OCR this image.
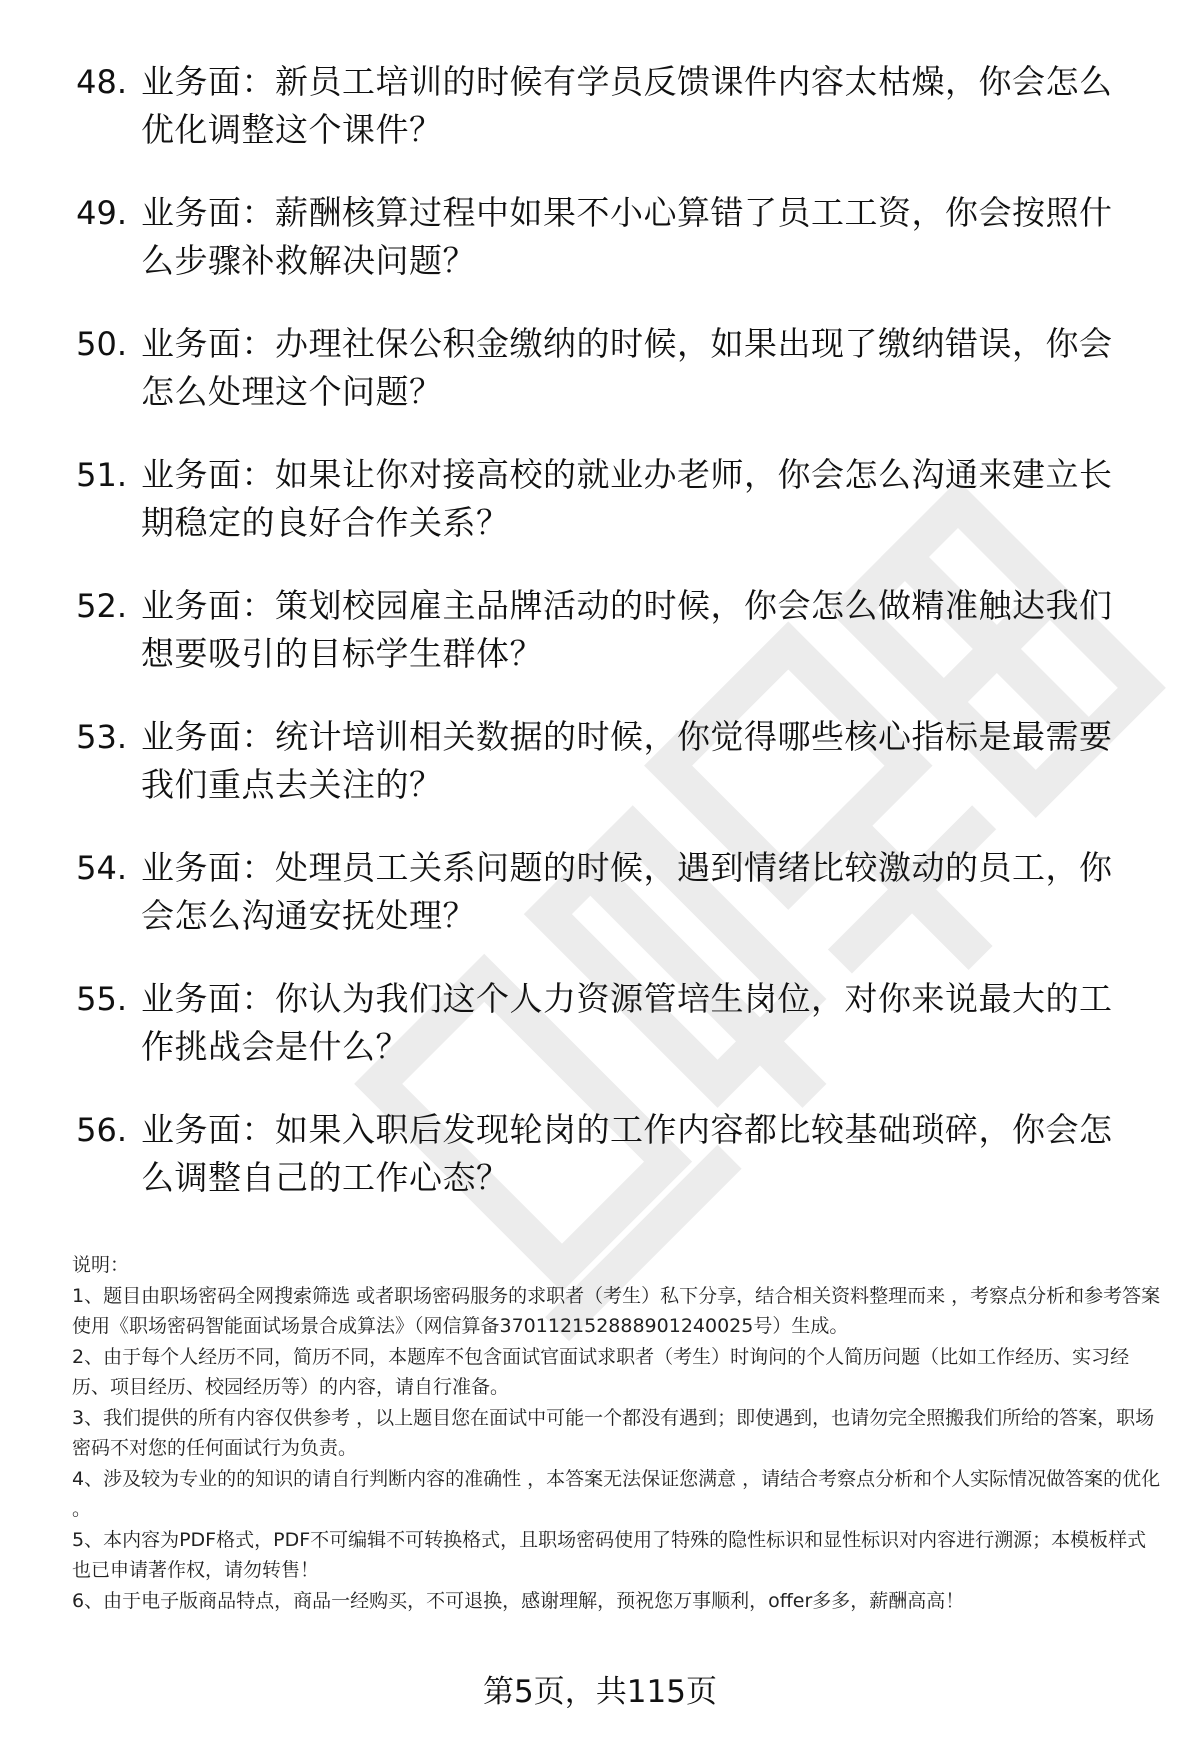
48. 业务面：新员工培训的时候有学员反馈课件内容太枯燥，你会怎么优化调整这个课件？
49. 业务面：薪酬核算过程中如果不小心算错了员工工资，你会按照什么步骤补救解决问题？
50. 业务面：办理社保公积金缴纳的时候，如果出现了缴纳错误，你会怎么处理这个问题？
51. 业务面：如果让你对接高校的就业办老师，你会怎么沟通来建立长期稳定的良好合作关系？
52. 业务面：策划校园雇主品牌活动的时候，你会怎么做精准触达我们想要吸引的目标学生群体？
53. 业务面：统计培训相关数据的时候，你觉得哪些核心指标是最需要我们重点去关注的？
54. 业务面：处理员工关系问题的时候，遇到情绪比较激动的员工，你会怎么沟通安抚处理？
55. 业务面：你认为我们这个人力资源管培生岗位，对你来说最大的工作挑战会是什么？
56. 业务面：如果入职后发现轮岗的工作内容都比较基础琐碎，你会怎么调整自己的工作心态？

说明：

1、题目由职场密码全网搜索筛选 或者职场密码服务的求职者（考生）私下分享，结合相关资料整理而来 ，考察点分析和参考答案使用《职场密码智能面试场景合成算法》（网信算备370112152888901240025号）生成。

2、由于每个人经历不同，简历不同，本题库不包含面试官面试求职者（考生）时询问的个人简历问题（比如工作经历、实习经历、项目经历、校园经历等）的内容，请自行准备。

3、我们提供的所有内容仅供参考 ，以上题目您在面试中可能一个都没有遇到；即使遇到，也请勿完全照搬我们所给的答案，职场密码不对您的任何面试行为负责。

4、涉及较为专业的的知识的请自行判断内容的准确性 ，本答案无法保证您满意 ，请结合考察点分析和个人实际情况做答案的优化 。

5、本内容为PDF格式，PDF不可编辑不可转换格式，且职场密码使用了特殊的隐性标识和显性标识对内容进行溯源；本模板样式也已申请著作权，请勿转售！

6、由于电子版商品特点，商品一经购买，不可退换，感谢理解，预祝您万事顺利，offer多多，薪酬高高！

第5页，共115页
